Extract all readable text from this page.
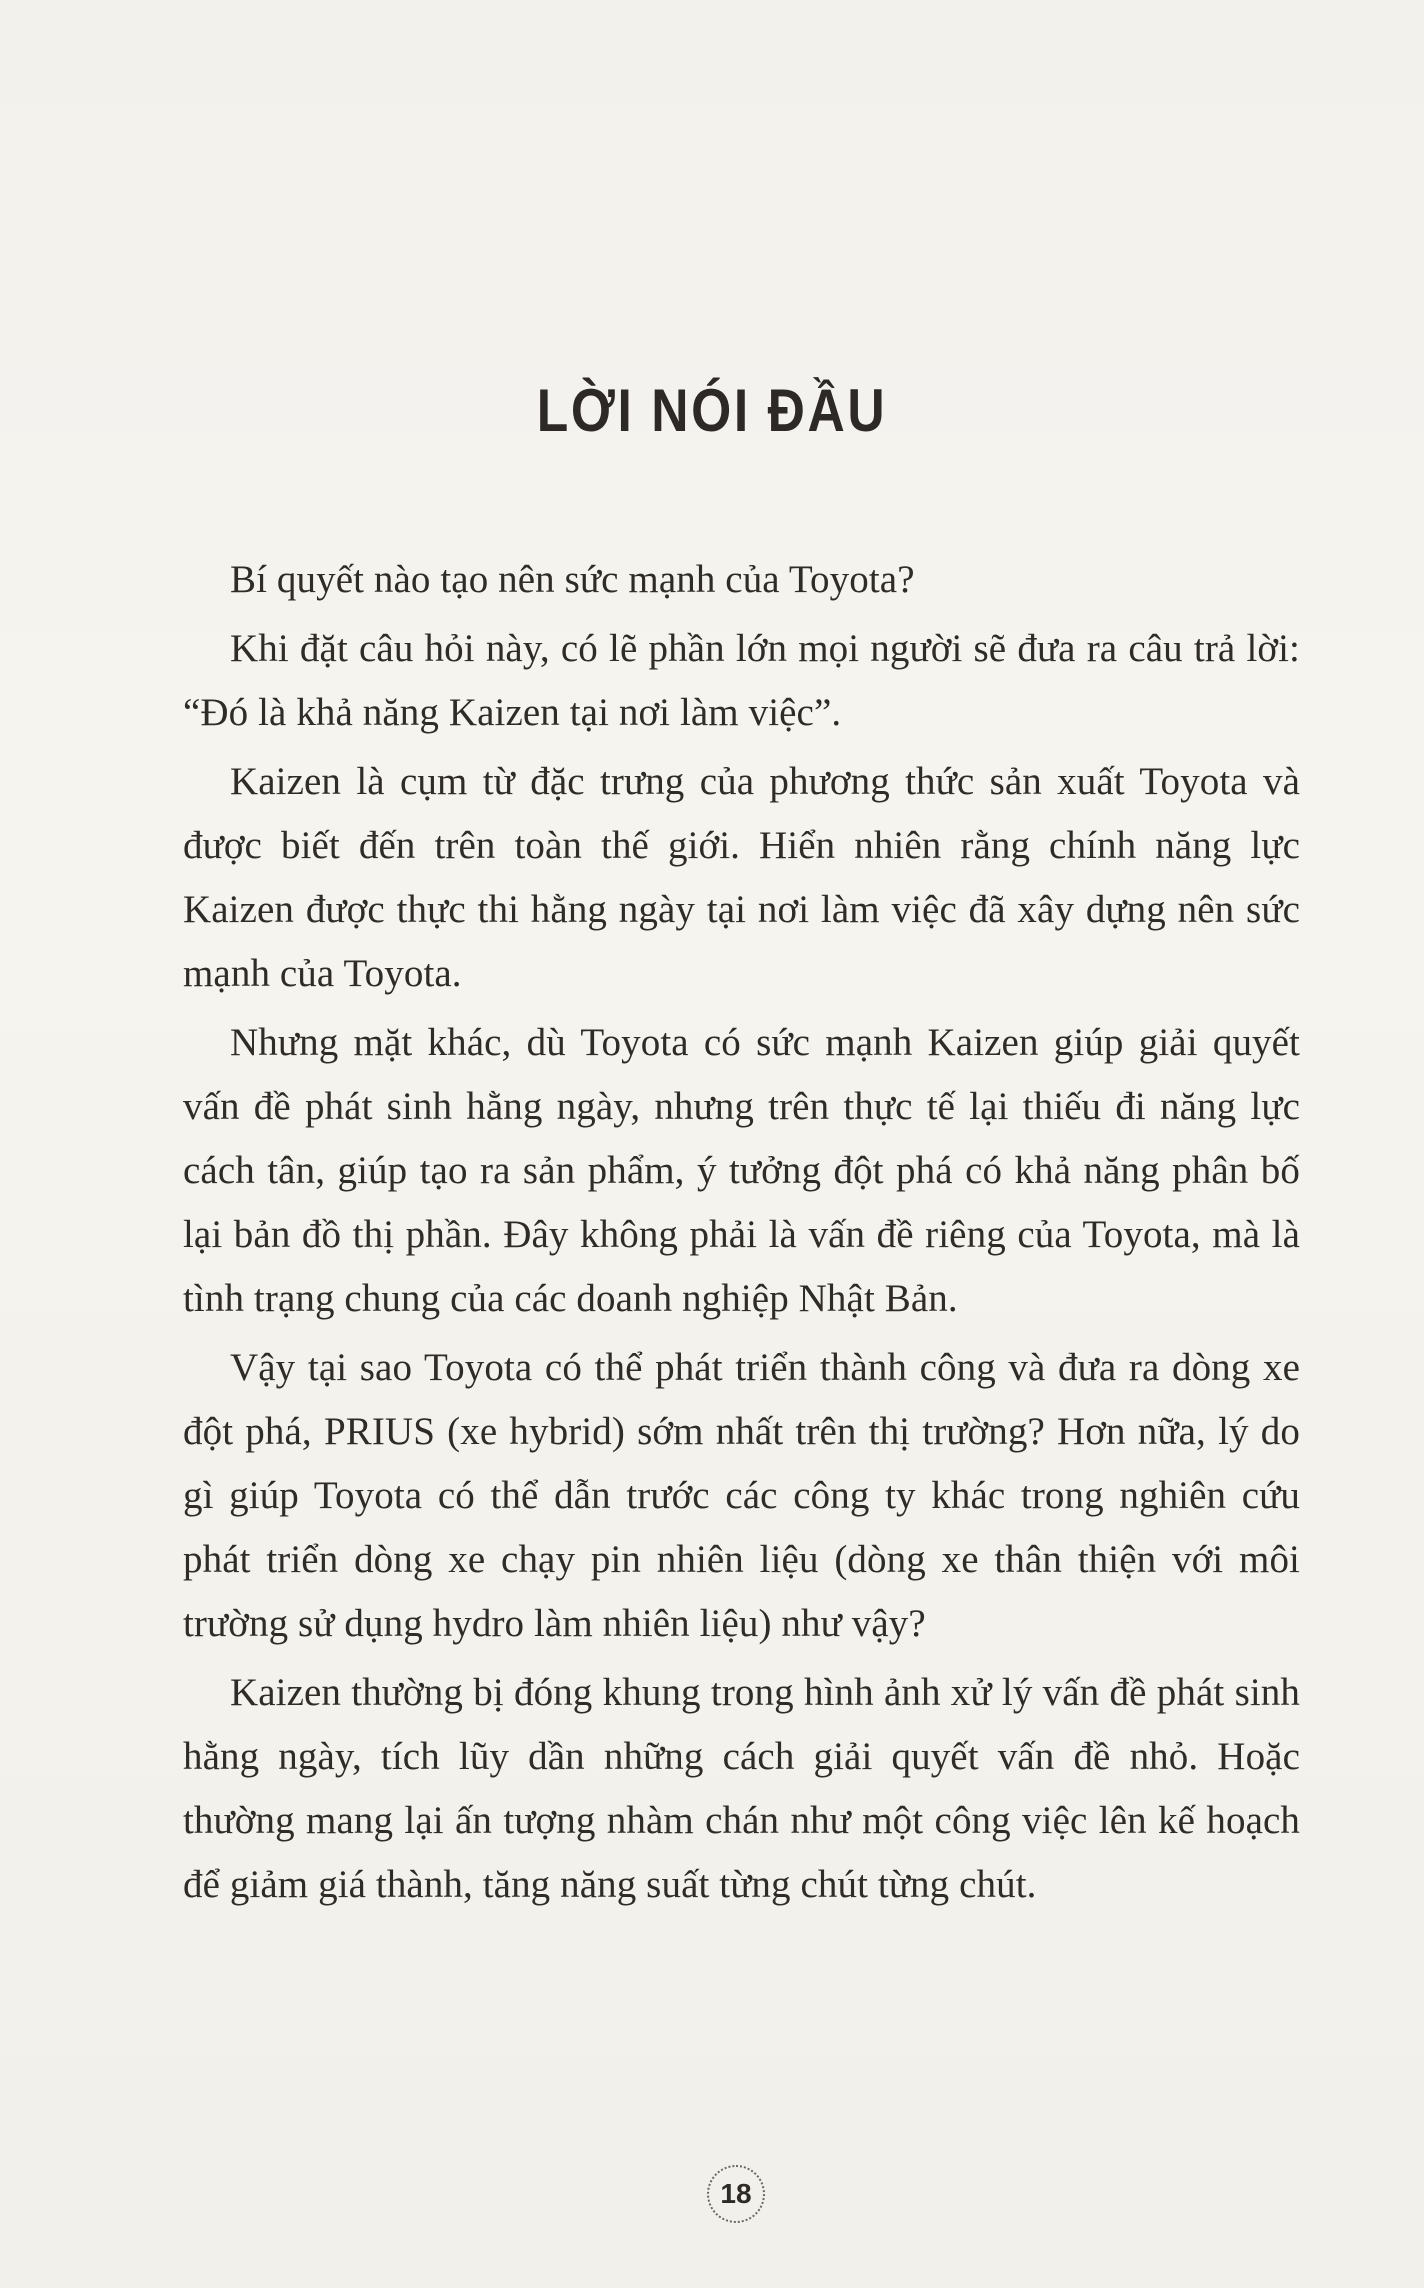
LỜI NÓI ĐẦU

Bí quyết nào tạo nên sức mạnh của Toyota?

Khi đặt câu hỏi này, có lẽ phần lớn mọi người sẽ đưa ra câu trả lời: “Đó là khả năng Kaizen tại nơi làm việc”.

Kaizen là cụm từ đặc trưng của phương thức sản xuất Toyota và được biết đến trên toàn thế giới. Hiển nhiên rằng chính năng lực Kaizen được thực thi hằng ngày tại nơi làm việc đã xây dựng nên sức mạnh của Toyota.

Nhưng mặt khác, dù Toyota có sức mạnh Kaizen giúp giải quyết vấn đề phát sinh hằng ngày, nhưng trên thực tế lại thiếu đi năng lực cách tân, giúp tạo ra sản phẩm, ý tưởng đột phá có khả năng phân bố lại bản đồ thị phần. Đây không phải là vấn đề riêng của Toyota, mà là tình trạng chung của các doanh nghiệp Nhật Bản.

Vậy tại sao Toyota có thể phát triển thành công và đưa ra dòng xe đột phá, PRIUS (xe hybrid) sớm nhất trên thị trường? Hơn nữa, lý do gì giúp Toyota có thể dẫn trước các công ty khác trong nghiên cứu phát triển dòng xe chạy pin nhiên liệu (dòng xe thân thiện với môi trường sử dụng hydro làm nhiên liệu) như vậy?

Kaizen thường bị đóng khung trong hình ảnh xử lý vấn đề phát sinh hằng ngày, tích lũy dần những cách giải quyết vấn đề nhỏ. Hoặc thường mang lại ấn tượng nhàm chán như một công việc lên kế hoạch để giảm giá thành, tăng năng suất từng chút từng chút.

18
